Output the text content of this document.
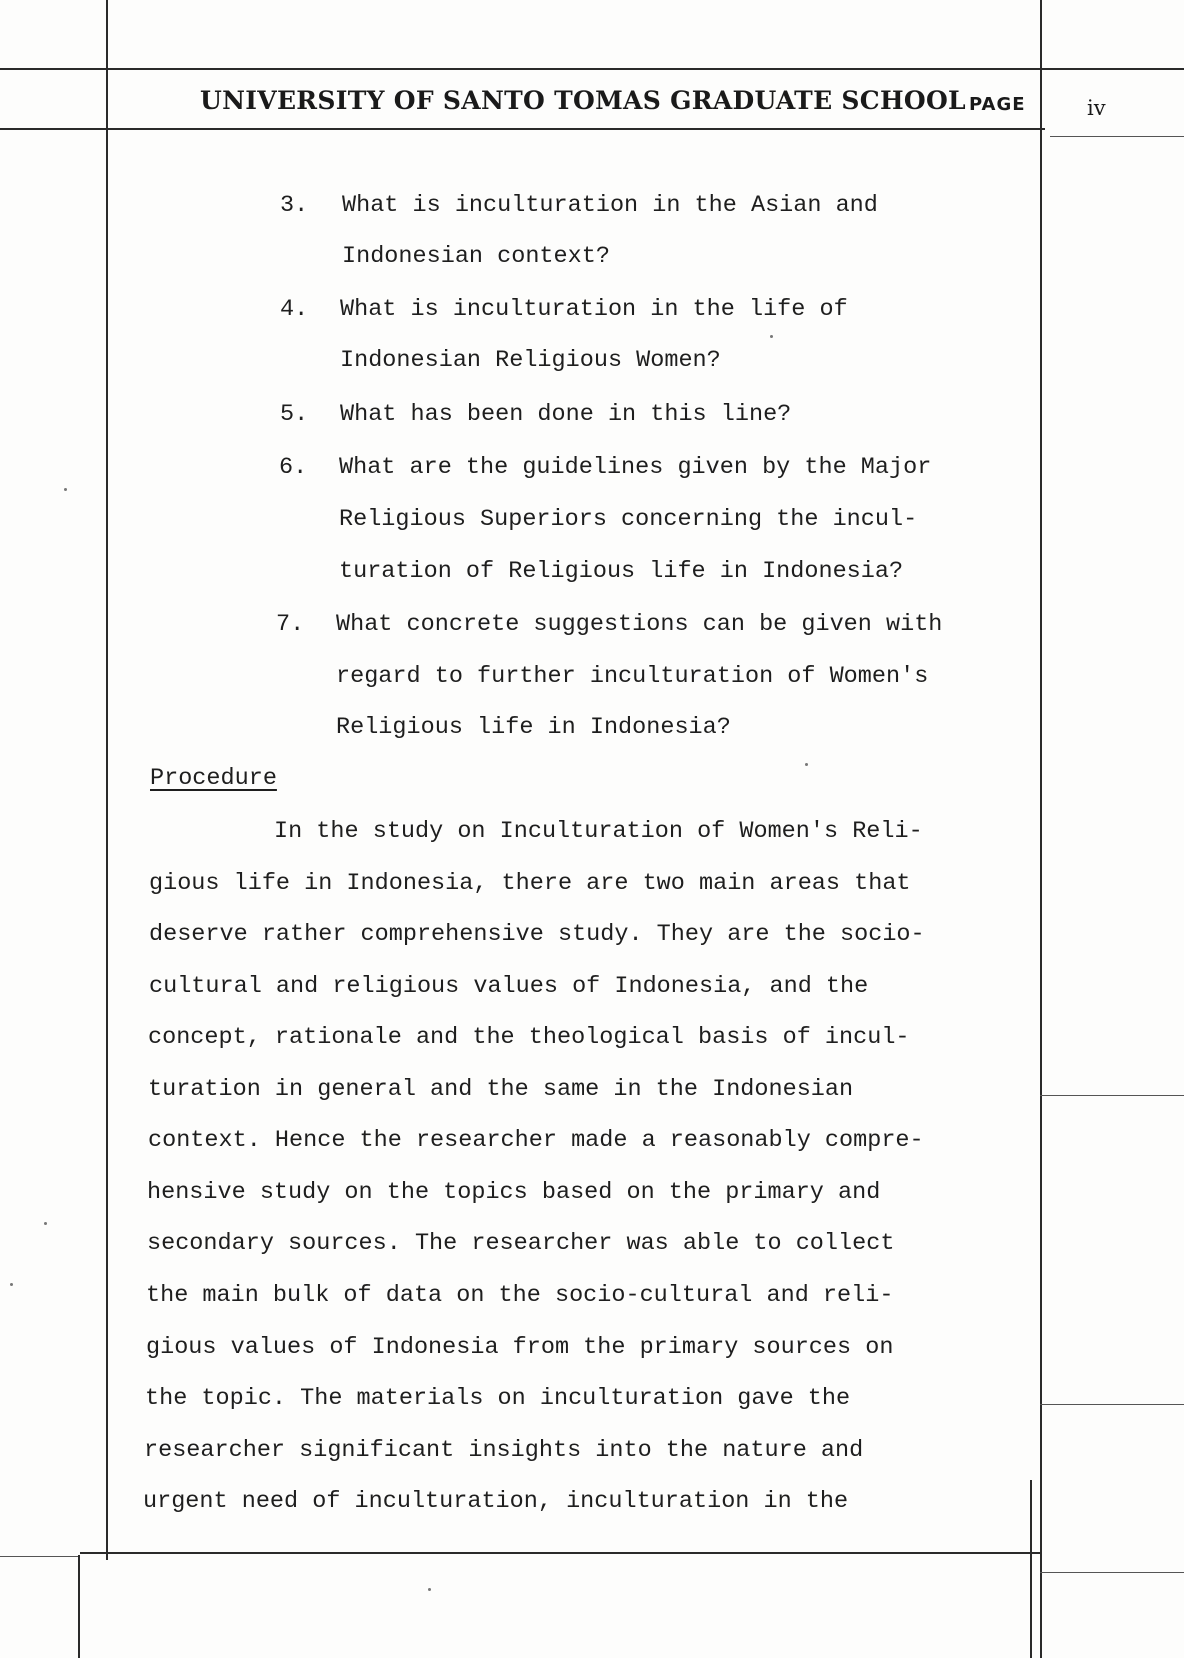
UNIVERSITY OF SANTO TOMAS GRADUATE SCHOOL PAGE	iv
3.	What is inculturation in the Asian and
Indonesian context?
4.	What is inculturation in the life of
Indonesian Religious Women?
5.	What has been done in this line?
6.	What are the guidelines given by the Major
Religious Superiors concerning the incul-
turation of Religious life in Indonesia?
7.	What concrete suggestions can be given with
regard to further inculturation of Women's
Religious life in Indonesia?
Procedure
In the study on Inculturation of Women's Reli-
gious life in Indonesia, there are two main areas that
deserve rather comprehensive study. They are the socio-
cultural and religious values of Indonesia, and the
concept, rationale and the theological basis of incul-
turation in general and the same in the Indonesian
context. Hence the researcher made a reasonably compre-
hensive study on the topics based on the primary and
secondary sources. The researcher was able to collect
the main bulk of data on the socio-cultural and reli-
gious values of Indonesia from the primary sources on
the topic. The materials on inculturation gave the
researcher significant insights into the nature and
urgent need of inculturation, inculturation in the
